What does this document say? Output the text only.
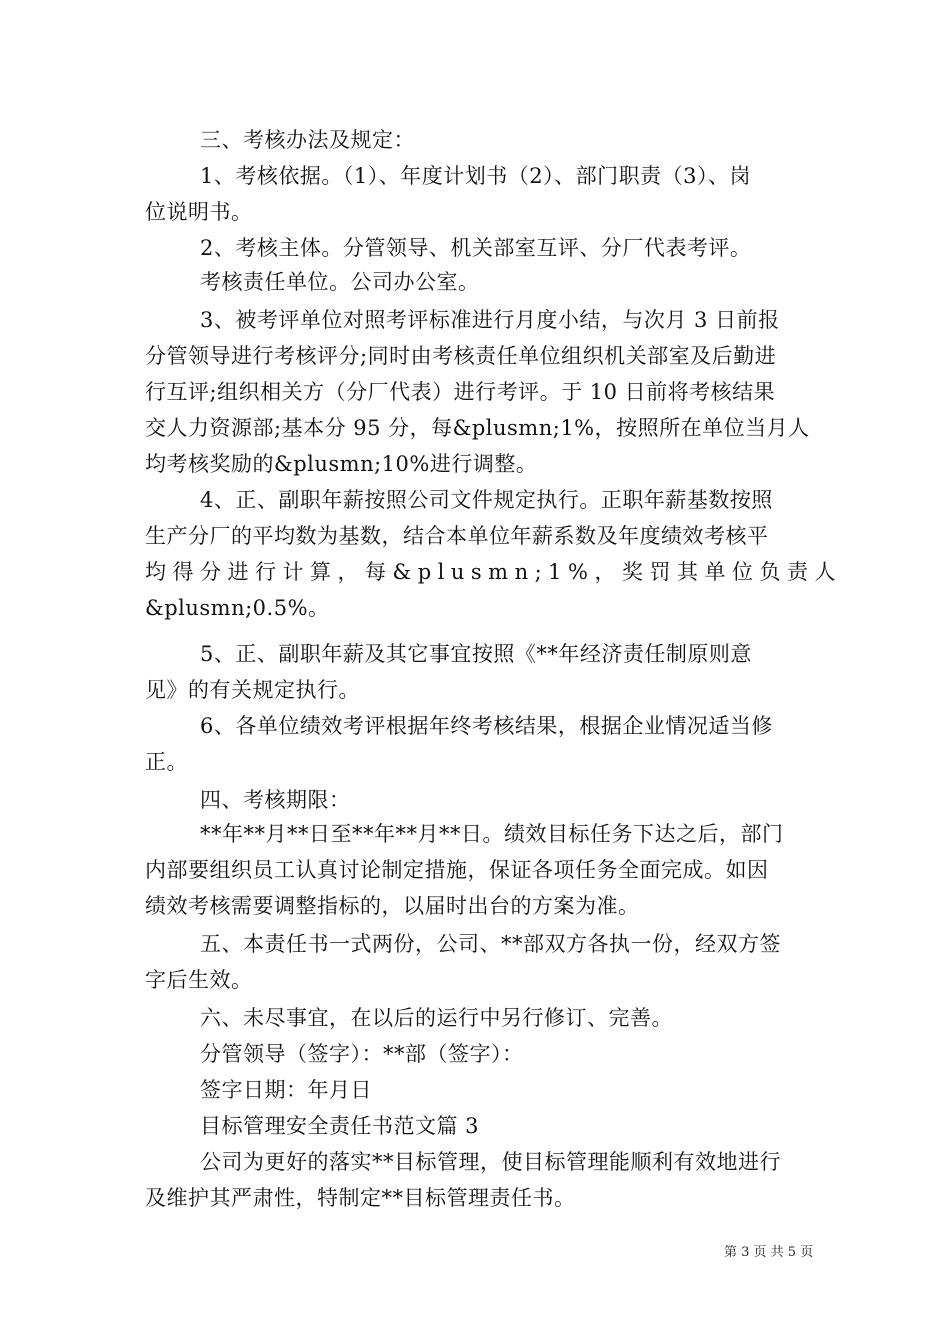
三、考核办法及规定：
1、考核依据。（1）、年度计划书（2）、部门职责（3）、岗
位说明书。
2、考核主体。分管领导、机关部室互评、分厂代表考评。
考核责任单位。公司办公室。
3、被考评单位对照考评标准进行月度小结，与次月 3 日前报
分管领导进行考核评分;同时由考核责任单位组织机关部室及后勤进
行互评;组织相关方（分厂代表）进行考评。于 10 日前将考核结果
交人力资源部;基本分 95 分，每&plusmn;1%，按照所在单位当月人
均考核奖励的&plusmn;10%进行调整。
4、正、副职年薪按照公司文件规定执行。正职年薪基数按照
生产分厂的平均数为基数，结合本单位年薪系数及年度绩效考核平
均得分进行计算，每&plusmn;1%，奖罚其单位负责人
&plusmn;0.5%。
5、正、副职年薪及其它事宜按照《**年经济责任制原则意
见》的有关规定执行。
6、各单位绩效考评根据年终考核结果，根据企业情况适当修
正。
四、考核期限：
**年**月**日至**年**月**日。绩效目标任务下达之后，部门
内部要组织员工认真讨论制定措施，保证各项任务全面完成。如因
绩效考核需要调整指标的，以届时出台的方案为准。
五、本责任书一式两份，公司、**部双方各执一份，经双方签
字后生效。
六、未尽事宜，在以后的运行中另行修订、完善。
分管领导（签字）：**部（签字）：
签字日期：年月日
目标管理安全责任书范文篇 3
公司为更好的落实**目标管理，使目标管理能顺利有效地进行
及维护其严肃性，特制定**目标管理责任书。
第 3 页 共 5 页
